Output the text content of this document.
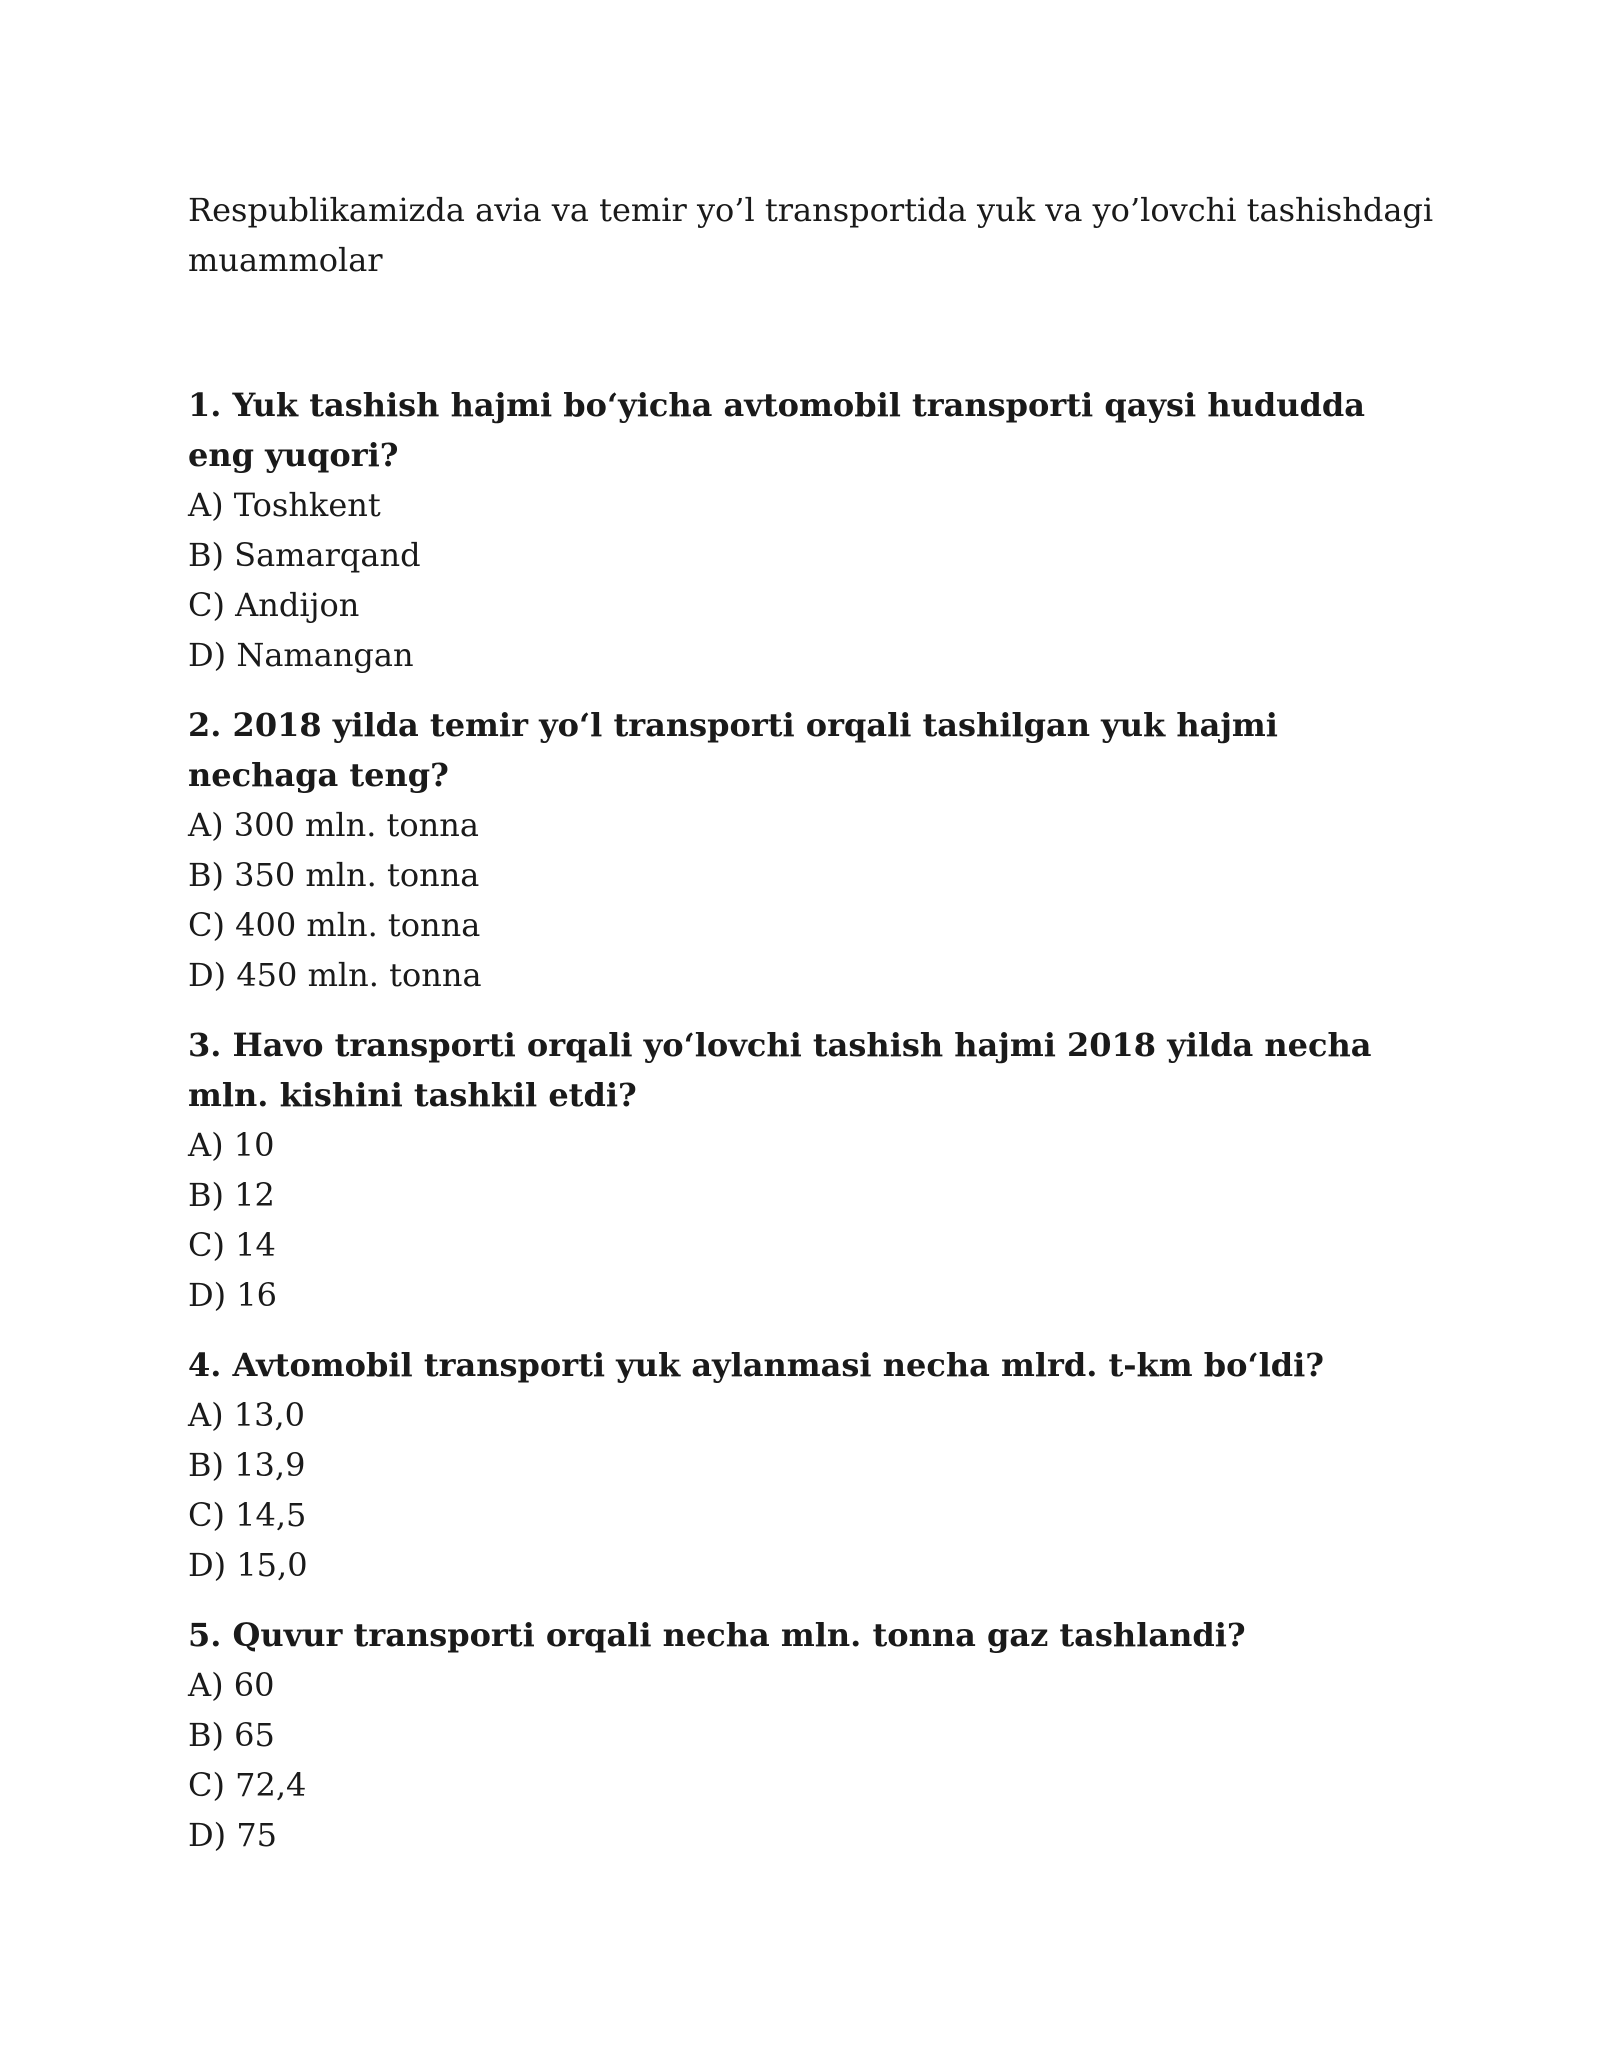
Respublikamizda avia va temir yo’l transportida yuk va yo’lovchi tashishdagi muammolar

1. Yuk tashish hajmi bo‘yicha avtomobil transporti qaysi hududda eng yuqori?

A) Toshkent

B) Samarqand

C) Andijon

D) Namangan

2. 2018 yilda temir yo‘l transporti orqali tashilgan yuk hajmi nechaga teng?

A) 300 mln. tonna

B) 350 mln. tonna

C) 400 mln. tonna

D) 450 mln. tonna

3. Havo transporti orqali yo‘lovchi tashish hajmi 2018 yilda necha mln. kishini tashkil etdi?

A) 10

B) 12

C) 14

D) 16

4. Avtomobil transporti yuk aylanmasi necha mlrd. t-km bo‘ldi?

A) 13,0

B) 13,9

C) 14,5

D) 15,0

5. Quvur transporti orqali necha mln. tonna gaz tashlandi?

A) 60

B) 65

C) 72,4

D) 75
